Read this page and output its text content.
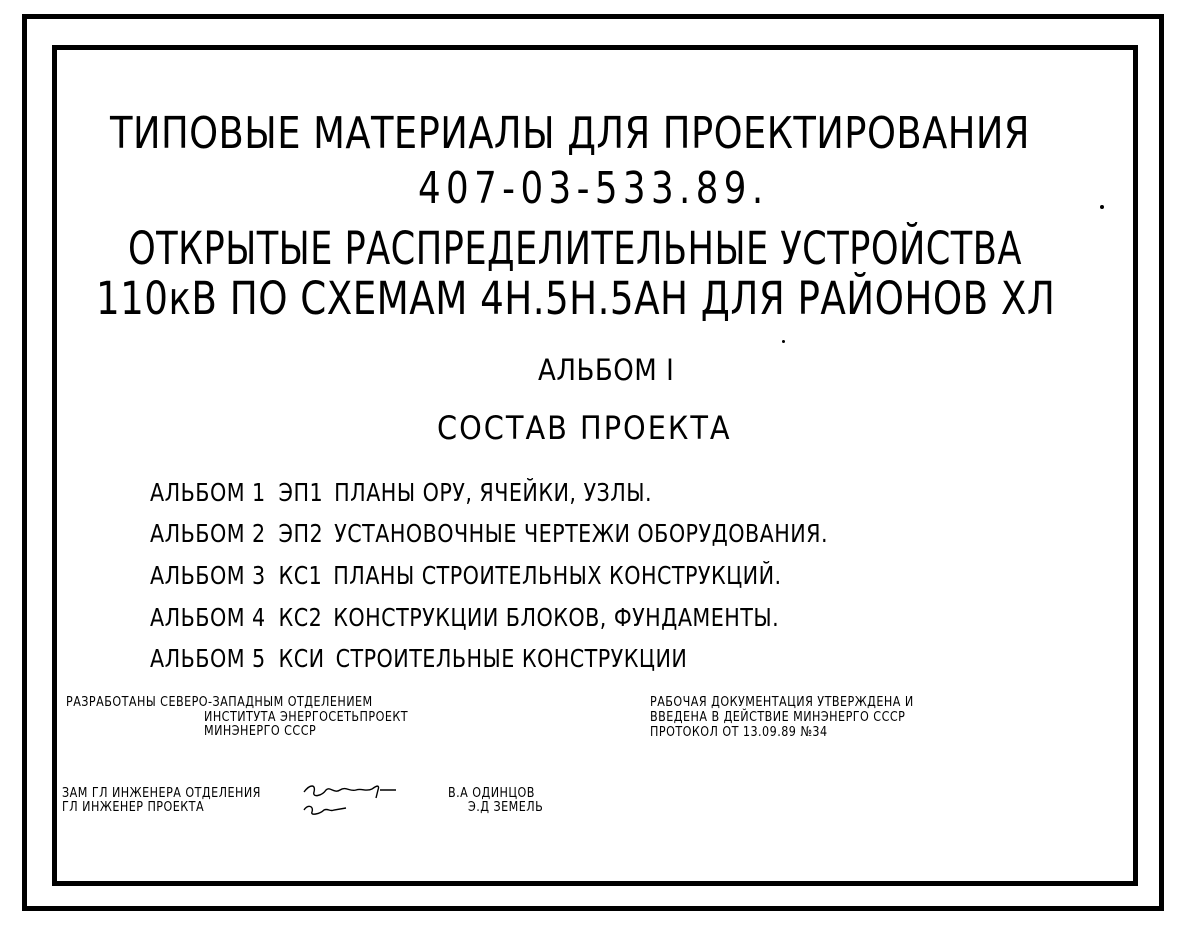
ТИПОВЫЕ МАТЕРИАЛЫ ДЛЯ ПРОЕКТИРОВАНИЯ
407-03-533.89.
ОТКРЫТЫЕ РАСПРЕДЕЛИТЕЛЬНЫЕ УСТРОЙСТВА
110кВ ПО СХЕМАМ 4Н.5Н.5АН ДЛЯ РАЙОНОВ ХЛ
АЛЬБОМ I
СОСТАВ ПРОЕКТА
АЛЬБОМ 1 ЭП1 ПЛАНЫ ОРУ, ЯЧЕЙКИ, УЗЛЫ.
АЛЬБОМ 2 ЭП2 УСТАНОВОЧНЫЕ ЧЕРТЕЖИ ОБОРУДОВАНИЯ.
АЛЬБОМ 3 КС1 ПЛАНЫ СТРОИТЕЛЬНЫХ КОНСТРУКЦИЙ.
АЛЬБОМ 4 КС2 КОНСТРУКЦИИ БЛОКОВ, ФУНДАМЕНТЫ.
АЛЬБОМ 5 КСИ СТРОИТЕЛЬНЫЕ КОНСТРУКЦИИ
РАЗРАБОТАНЫ СЕВЕРО-ЗАПАДНЫМ ОТДЕЛЕНИЕМ
ИНСТИТУТА ЭНЕРГОСЕТЬПРОЕКТ
МИНЭНЕРГО СССР
РАБОЧАЯ ДОКУМЕНТАЦИЯ УТВЕРЖДЕНА И
ВВЕДЕНА В ДЕЙСТВИЕ МИНЭНЕРГО СССР
ПРОТОКОЛ ОТ 13.09.89 №34
ЗАМ ГЛ ИНЖЕНЕРА ОТДЕЛЕНИЯ
ГЛ ИНЖЕНЕР ПРОЕКТА
В.А ОДИНЦОВ
Э.Д ЗЕМЕЛЬ
